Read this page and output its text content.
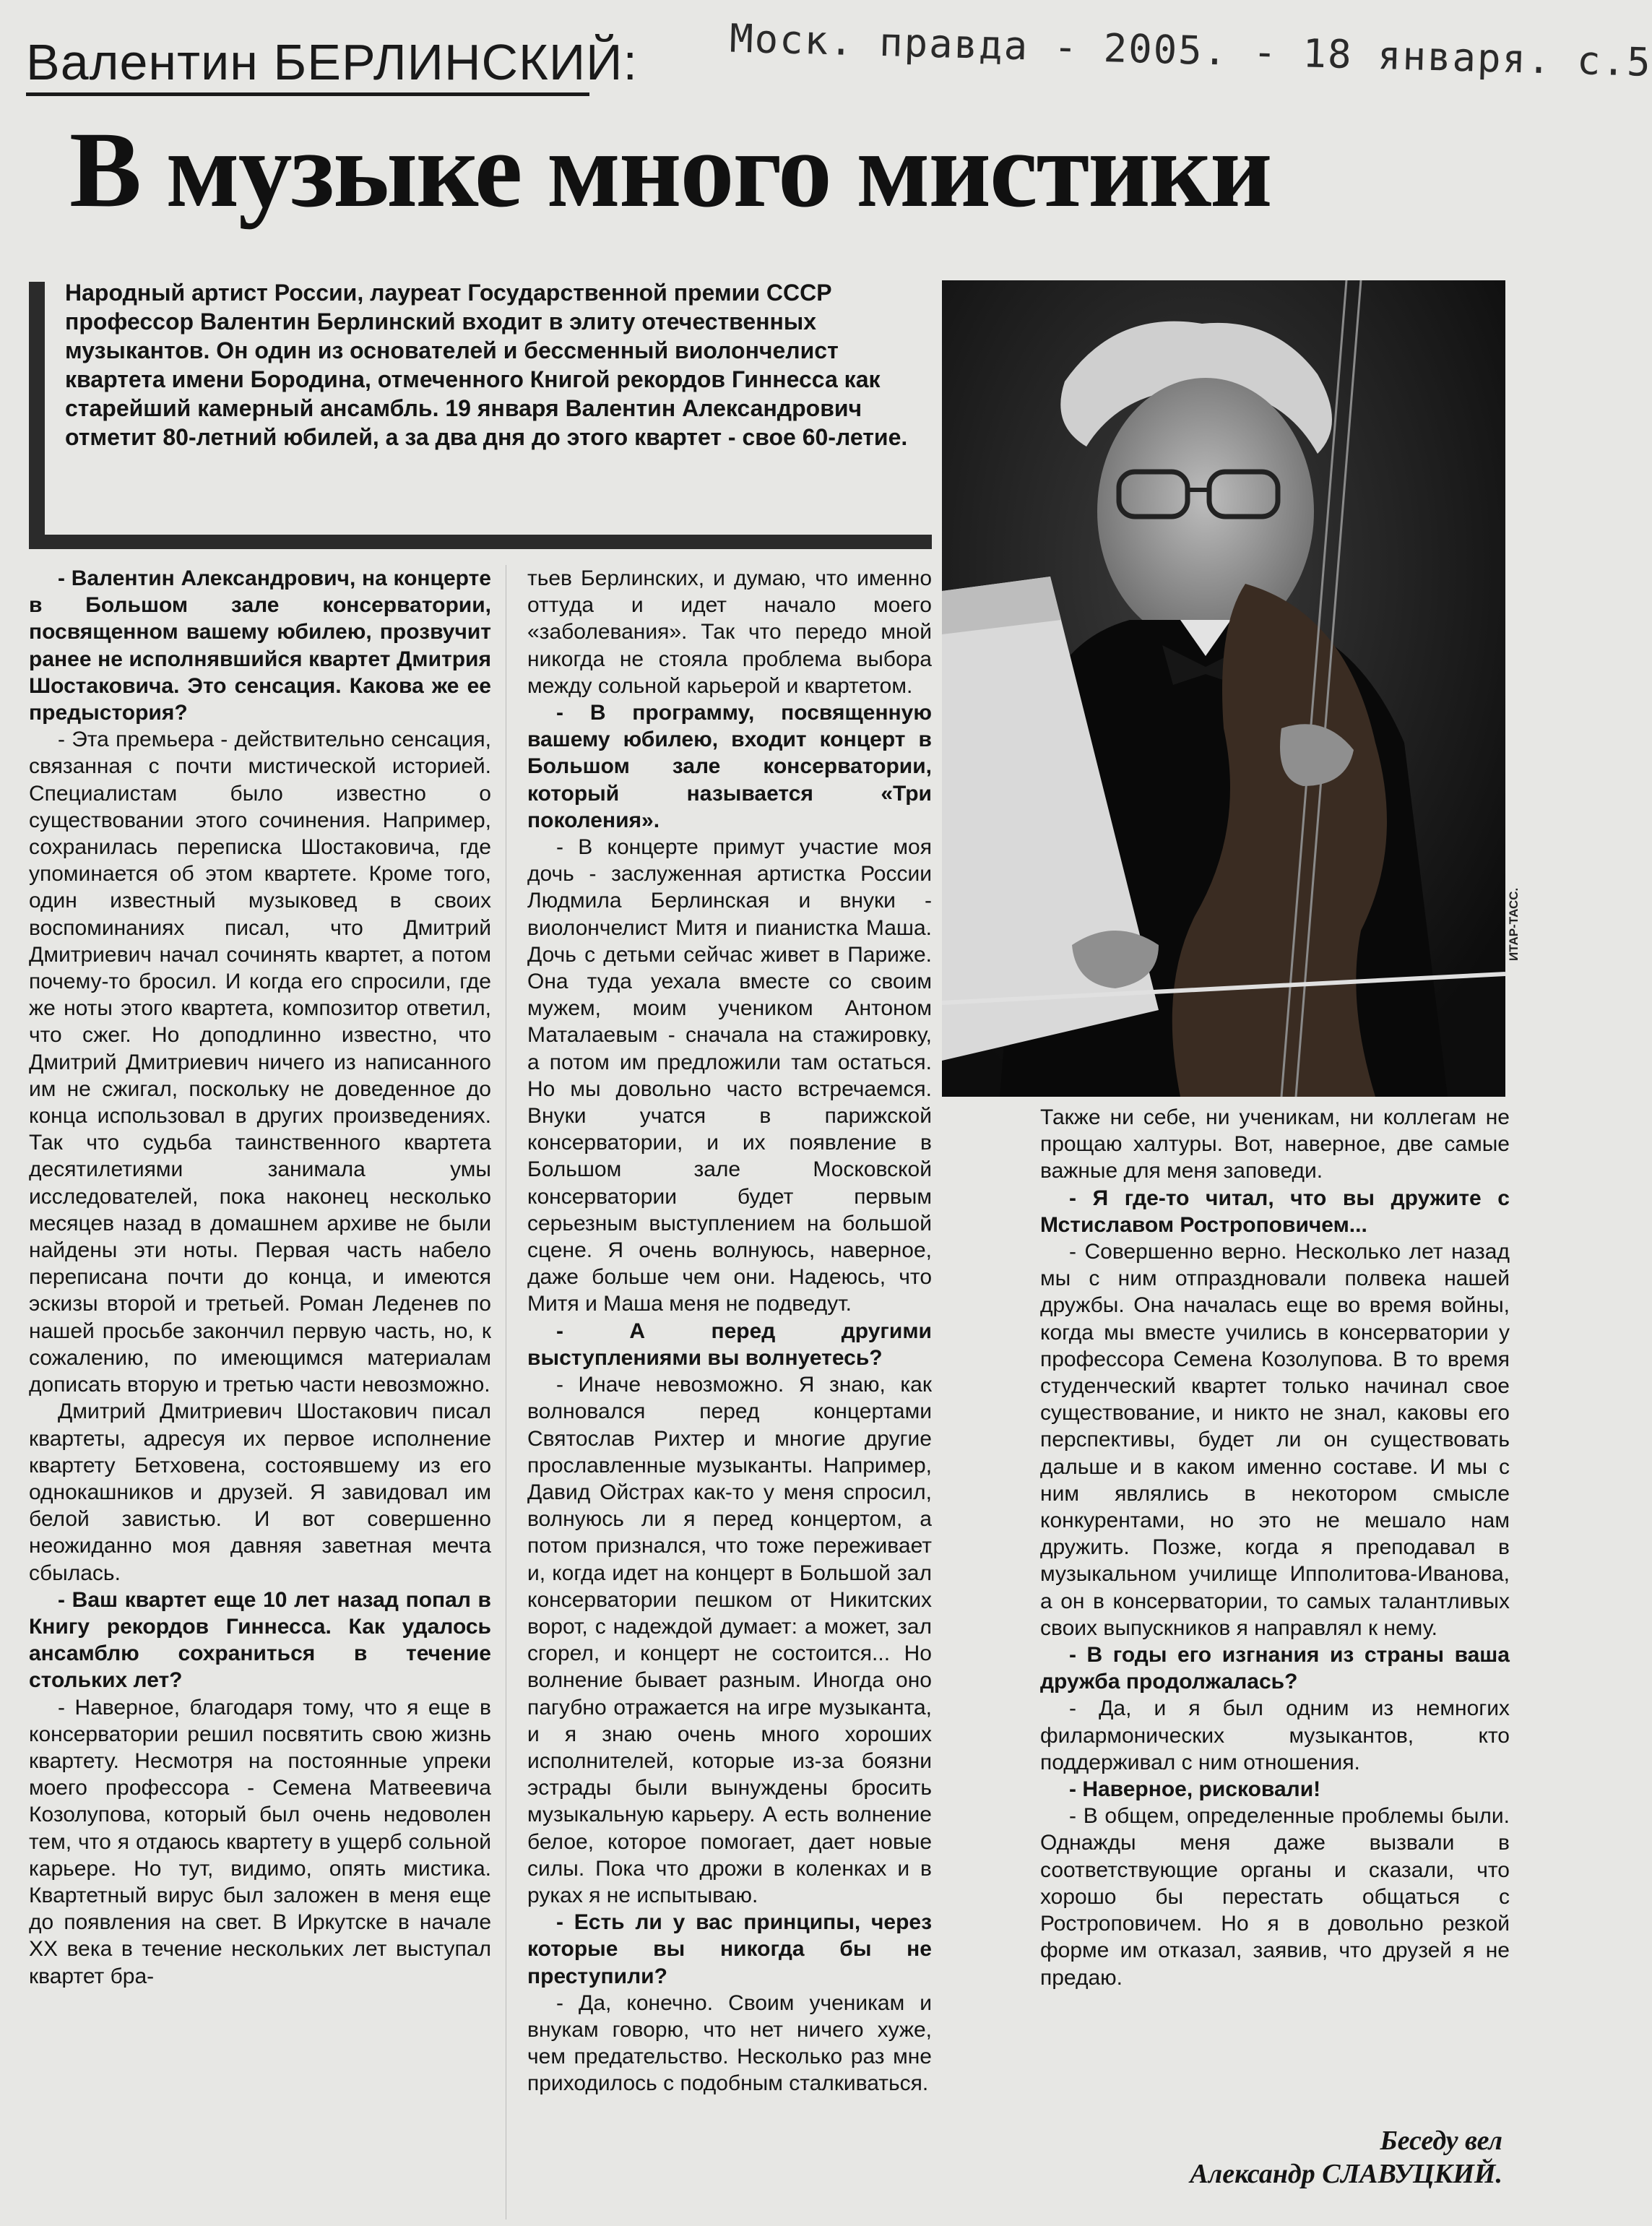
Моск. правда - 2005. - 18 января. с.5
Валентин БЕРЛИНСКИЙ:
В музыке много мистики
Народный артист России, лауреат Государственной премии СССР профессор Валентин Берлинский входит в элиту отечественных музыкантов. Он один из основателей и бессменный виолончелист квартета имени Бородина, отмеченного Книгой рекордов Гиннесса как старейший камерный ансамбль. 19 января Валентин Александрович отметит 80-летний юбилей, а за два дня до этого квартет - свое 60-летие.
ИТАР-ТАСС.

- Валентин Александрович, на концерте в Большом зале консерватории, посвященном вашему юбилею, прозвучит ранее не исполнявшийся квартет Дмитрия Шостаковича. Это сенсация. Какова же ее предыстория?

- Эта премьера - действительно сенсация, связанная с почти мистической историей. Специалистам было известно о существовании этого сочинения. Например, сохранилась переписка Шостаковича, где упоминается об этом квартете. Кроме того, один известный музыковед в своих воспоминаниях писал, что Дмитрий Дмитриевич начал сочинять квартет, а потом почему-то бросил. И когда его спросили, где же ноты этого квартета, композитор ответил, что сжег. Но доподлинно известно, что Дмитрий Дмитриевич ничего из написанного им не сжигал, поскольку не доведенное до конца использовал в других произведениях. Так что судьба таинственного квартета десятилетиями занимала умы исследователей, пока наконец несколько месяцев назад в домашнем архиве не были найдены эти ноты. Первая часть набело переписана почти до конца, и имеются эскизы второй и третьей. Роман Леденев по нашей просьбе закончил первую часть, но, к сожалению, по имеющимся материалам дописать вторую и третью части невозможно.

Дмитрий Дмитриевич Шостакович писал квартеты, адресуя их первое исполнение квартету Бетховена, состоявшему из его однокашников и друзей. Я завидовал им белой завистью. И вот совершенно неожиданно моя давняя заветная мечта сбылась.

- Ваш квартет еще 10 лет назад попал в Книгу рекордов Гиннесса. Как удалось ансамблю сохраниться в течение стольких лет?

- Наверное, благодаря тому, что я еще в консерватории решил посвятить свою жизнь квартету. Несмотря на постоянные упреки моего профессора - Семена Матвеевича Козолупова, который был очень недоволен тем, что я отдаюсь квартету в ущерб сольной карьере. Но тут, видимо, опять мистика. Квартетный вирус был заложен в меня еще до появления на свет. В Иркутске в начале XX века в течение нескольких лет выступал квартет бра-

тьев Берлинских, и думаю, что именно оттуда и идет начало моего «заболевания». Так что передо мной никогда не стояла проблема выбора между сольной карьерой и квартетом.

- В программу, посвященную вашему юбилею, входит концерт в Большом зале консерватории, который называется «Три поколения».

- В концерте примут участие моя дочь - заслуженная артистка России Людмила Берлинская и внуки - виолончелист Митя и пианистка Маша. Дочь с детьми сейчас живет в Париже. Она туда уехала вместе со своим мужем, моим учеником Антоном Маталаевым - сначала на стажировку, а потом им предложили там остаться. Но мы довольно часто встречаемся. Внуки учатся в парижской консерватории, и их появление в Большом зале Московской консерватории будет первым серьезным выступлением на большой сцене. Я очень волнуюсь, наверное, даже больше чем они. Надеюсь, что Митя и Маша меня не подведут.

- А перед другими выступлениями вы волнуетесь?

- Иначе невозможно. Я знаю, как волновался перед концертами Святослав Рихтер и многие другие прославленные музыканты. Например, Давид Ойстрах как-то у меня спросил, волнуюсь ли я перед концертом, а потом признался, что тоже переживает и, когда идет на концерт в Большой зал консерватории пешком от Никитских ворот, с надеждой думает: а может, зал сгорел, и концерт не состоится... Но волнение бывает разным. Иногда оно пагубно отражается на игре музыканта, и я знаю очень много хороших исполнителей, которые из-за боязни эстрады были вынуждены бросить музыкальную карьеру. А есть волнение белое, которое помогает, дает новые силы. Пока что дрожи в коленках и в руках я не испытываю.

- Есть ли у вас принципы, через которые вы никогда бы не преступили?

- Да, конечно. Своим ученикам и внукам говорю, что нет ничего хуже, чем предательство. Несколько раз мне приходилось с подобным сталкиваться.

Также ни себе, ни ученикам, ни коллегам не прощаю халтуры. Вот, наверное, две самые важные для меня заповеди.

- Я где-то читал, что вы дружите с Мстиславом Ростроповичем...

- Совершенно верно. Несколько лет назад мы с ним отпраздновали полвека нашей дружбы. Она началась еще во время войны, когда мы вместе учились в консерватории у профессора Семена Козолупова. В то время студенческий квартет только начинал свое существование, и никто не знал, каковы его перспективы, будет ли он существовать дальше и в каком именно составе. И мы с ним являлись в некотором смысле конкурентами, но это не мешало нам дружить. Позже, когда я преподавал в музыкальном училище Ипполитова-Иванова, а он в консерватории, то самых талантливых своих выпускников я направлял к нему.

- В годы его изгнания из страны ваша дружба продолжалась?

- Да, и я был одним из немногих филармонических музыкантов, кто поддерживал с ним отношения.

- Наверное, рисковали!

- В общем, определенные проблемы были. Однажды меня даже вызвали в соответствующие органы и сказали, что хорошо бы перестать общаться с Ростроповичем. Но я в довольно резкой форме им отказал, заявив, что друзей я не предаю.

Беседу вел
Александр СЛАВУЦКИЙ.
